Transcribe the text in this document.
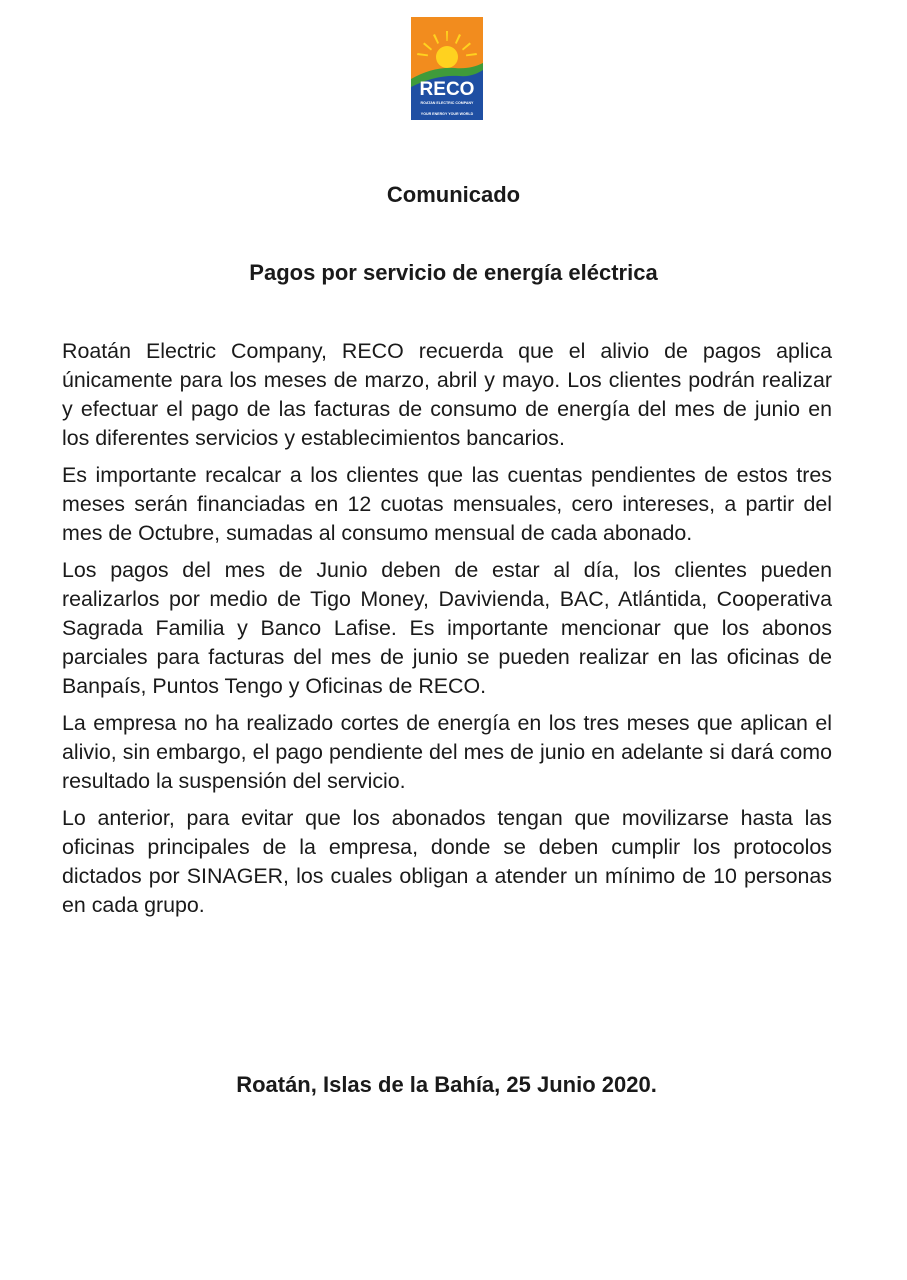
RECO
ROATAN ELECTRIC COMPANY
YOUR ENERGY YOUR WORLD
Comunicado
Pagos por servicio de energía eléctrica

Roatán Electric Company, RECO recuerda que el alivio de pagos aplica únicamente para los meses de marzo, abril y mayo. Los clientes podrán realizar y efectuar el pago de las facturas de consumo de energía del mes de junio en los diferentes servicios y establecimientos bancarios.

Es importante recalcar a los clientes que las cuentas pendientes de estos tres meses serán financiadas en 12 cuotas mensuales, cero intereses, a partir del mes de Octubre, sumadas al consumo mensual de cada abonado.

Los pagos del mes de Junio deben de estar al día, los clientes pueden realizarlos por medio de Tigo Money, Davivienda, BAC, Atlántida, Cooperativa Sagrada Familia y Banco Lafise. Es importante mencionar que los abonos parciales para facturas del mes de junio se pueden realizar en las oficinas de Banpaís, Puntos Tengo y Oficinas de RECO.

La empresa no ha realizado cortes de energía en los tres meses que aplican el alivio, sin embargo, el pago pendiente del mes de junio en adelante si dará como resultado la suspensión del servicio.

Lo anterior, para evitar que los abonados tengan que movilizarse hasta las oficinas principales de la empresa, donde se deben cumplir los protocolos dictados por SINAGER, los cuales obligan a atender un mínimo de 10 personas en cada grupo.

Roatán, Islas de la Bahía, 25 Junio 2020.
